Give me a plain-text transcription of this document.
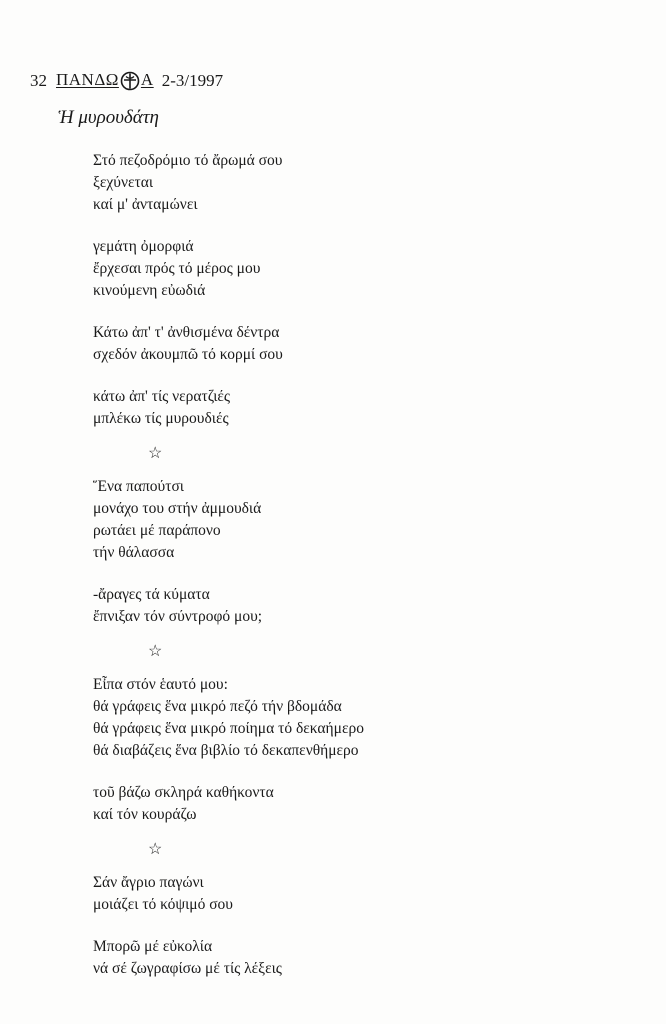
32 ΠΑΝΔΩ Α 2-3/1997
Ἡ μυρουδάτη
Στό πεζοδρόμιο τό ἄρωμά σου
ξεχύνεται
καί μ' ἀνταμώνει
γεμάτη ὀμορφιά
ἔρχεσαι πρός τό μέρος μου
κινούμενη εὐωδιά
Κάτω ἀπ' τ' ἀνθισμένα δέντρα
σχεδόν ἀκουμπῶ τό κορμί σου
κάτω ἀπ' τίς νερατζιές
μπλέκω τίς μυρουδιές
☆
Ἕνα παπούτσι
μονάχο του στήν ἀμμουδιά
ρωτάει μέ παράπονο
τήν θάλασσα
-ἄραγες τά κύματα
ἔπνιξαν τόν σύντροφό μου;
☆
Εἶπα στόν ἑαυτό μου:
θά γράφεις ἕνα μικρό πεζό τήν βδομάδα
θά γράφεις ἕνα μικρό ποίημα τό δεκαήμερο
θά διαβάζεις ἕνα βιβλίο τό δεκαπενθήμερο
τοῦ βάζω σκληρά καθήκοντα
καί τόν κουράζω
☆
Σάν ἄγριο παγώνι
μοιάζει τό κόψιμό σου
Μπορῶ μέ εὐκολία
νά σέ ζωγραφίσω μέ τίς λέξεις
